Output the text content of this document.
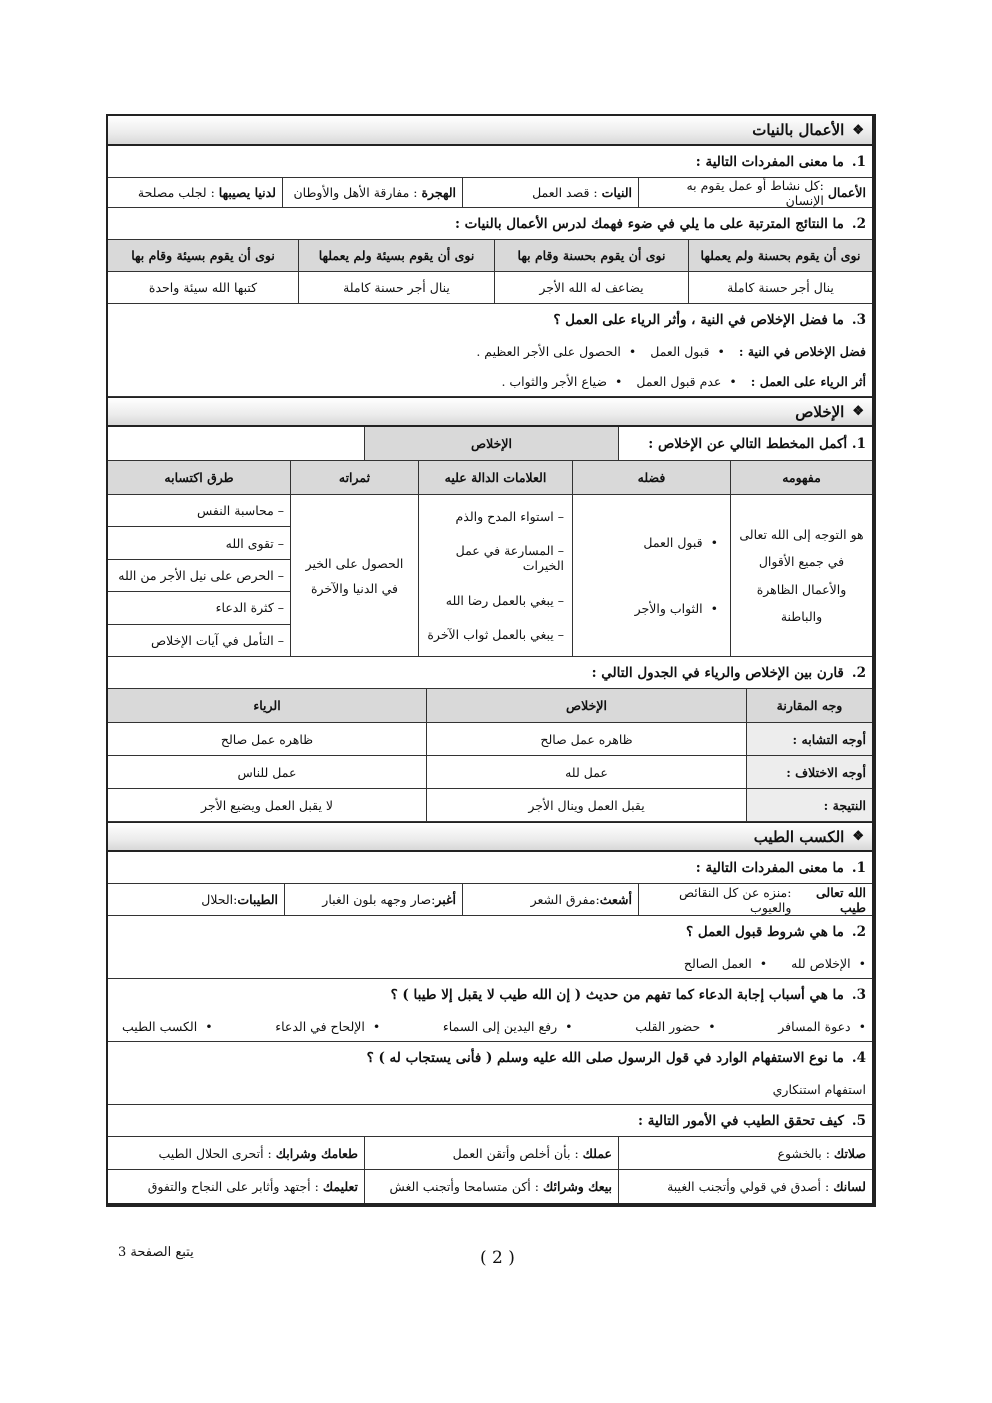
❖
الأعمال بالنيات
1.
ما معنى المفردات التالية :
الأعمال

:كل نشاط أو عمل يقوم به الإنسان
النيات

: قصد العمل
الهجرة

: مفارقة الأهل والأوطان
لدنيا يصيبها

: لجلب مصلحة
2.
ما النتائج المترتبة على ما يلي في ضوء فهمك لدرس الأعمال بالنيات :
نوى أن يقوم بحسنة ولم يعملها
نوى أن يقوم بحسنة وقام بها
نوى أن يقوم بسيئة ولم يعملها
نوى أن يقوم بسيئة وقام بها
ينال أجر حسنة كاملة
يضاعف له الله الأجر
ينال أجر حسنة كاملة
كتبها الله سيئة واحدة
3.
ما فضل الإخلاص في النية ، وأثر الرياء على العمل ؟
فضل الإخلاص في النية :
• قبول العمل
• الحصول على الأجر العظيم .
أثر الرياء على العمل :
• عدم قبول العمل
• ضياع الأجر والثواب .
❖
الإخلاص
1.

أكمل المخطط التالي عن الإخلاص :
الإخلاص
مفهومه
فضله
العلامات الدالة عليه
ثمراته
طرق اكتسابه
هو التوجه إلى الله تعالى في جميع الأقوال والأعمال الظاهرة والباطنة
• قبول العمل
• الثواب والأجر
– استواء المدح والذم
– المسارعة في عمل الخيرات
– يبغي بالعمل رضا الله
– يبغي بالعمل ثواب الآخرة
الحصول على الخير في الدنيا والآخرة
– محاسبة النفس
– تقوى الله
– الحرص على نيل الأجر من الله
– كثرة الدعاء
– التأمل في آيات الإخلاص
2.
قارن بين الإخلاص والرياء في الجدول التالي :
وجه المقارنة
الإخلاص
الرياء
أوجه التشابه :
ظاهره عمل صالح
ظاهره عمل صالح
أوجه الاختلاف :
عمل لله
عمل للناس
النتيجة :
يقبل العمل وينال الأجر
لا يقبل العمل ويضيع الأجر
❖
الكسب الطيب
1.
ما معنى المفردات التالية :
الله تعالى طيب
:منزه عن كل النقائص والعيوب
أشعث
:مفرق الشعر
أغبر
:صار وجهه بلون الغبار
الطيبات
:الحلال
2.
ما هي شروط قبول العمل ؟
• الإخلاص لله
• العمل الصالح
3.
ما هي أسباب إجابة الدعاء كما تفهم من حديث ( إن الله طيب لا يقبل إلا طيبا ) ؟
• دعوة المسافر
• حضور القلب
• رفع اليدين إلى السماء
• الإلحاح في الدعاء
• الكسب الطيب
4.
ما نوع الاستفهام الوارد في قول الرسول صلى الله عليه وسلم ( فأنى يستجاب له ) ؟
استفهام استنكاري
5.
كيف تحقق الطيب في الأمور التالية :
صلاتك

: بالخشوع
عملك

: بأن أخلص وأتقن العمل
طعامك وشرابك

: أتحرى الحلال الطيب
لسانك

: أصدق في قولي وأتجنب الغيبة
بيعك وشرائك

: أكن متسامحا وأتجنب الغش
تعليمك

: أجتهد وأثابر على النجاح والتفوق
يتبع الصفحة 3	( 2 )
